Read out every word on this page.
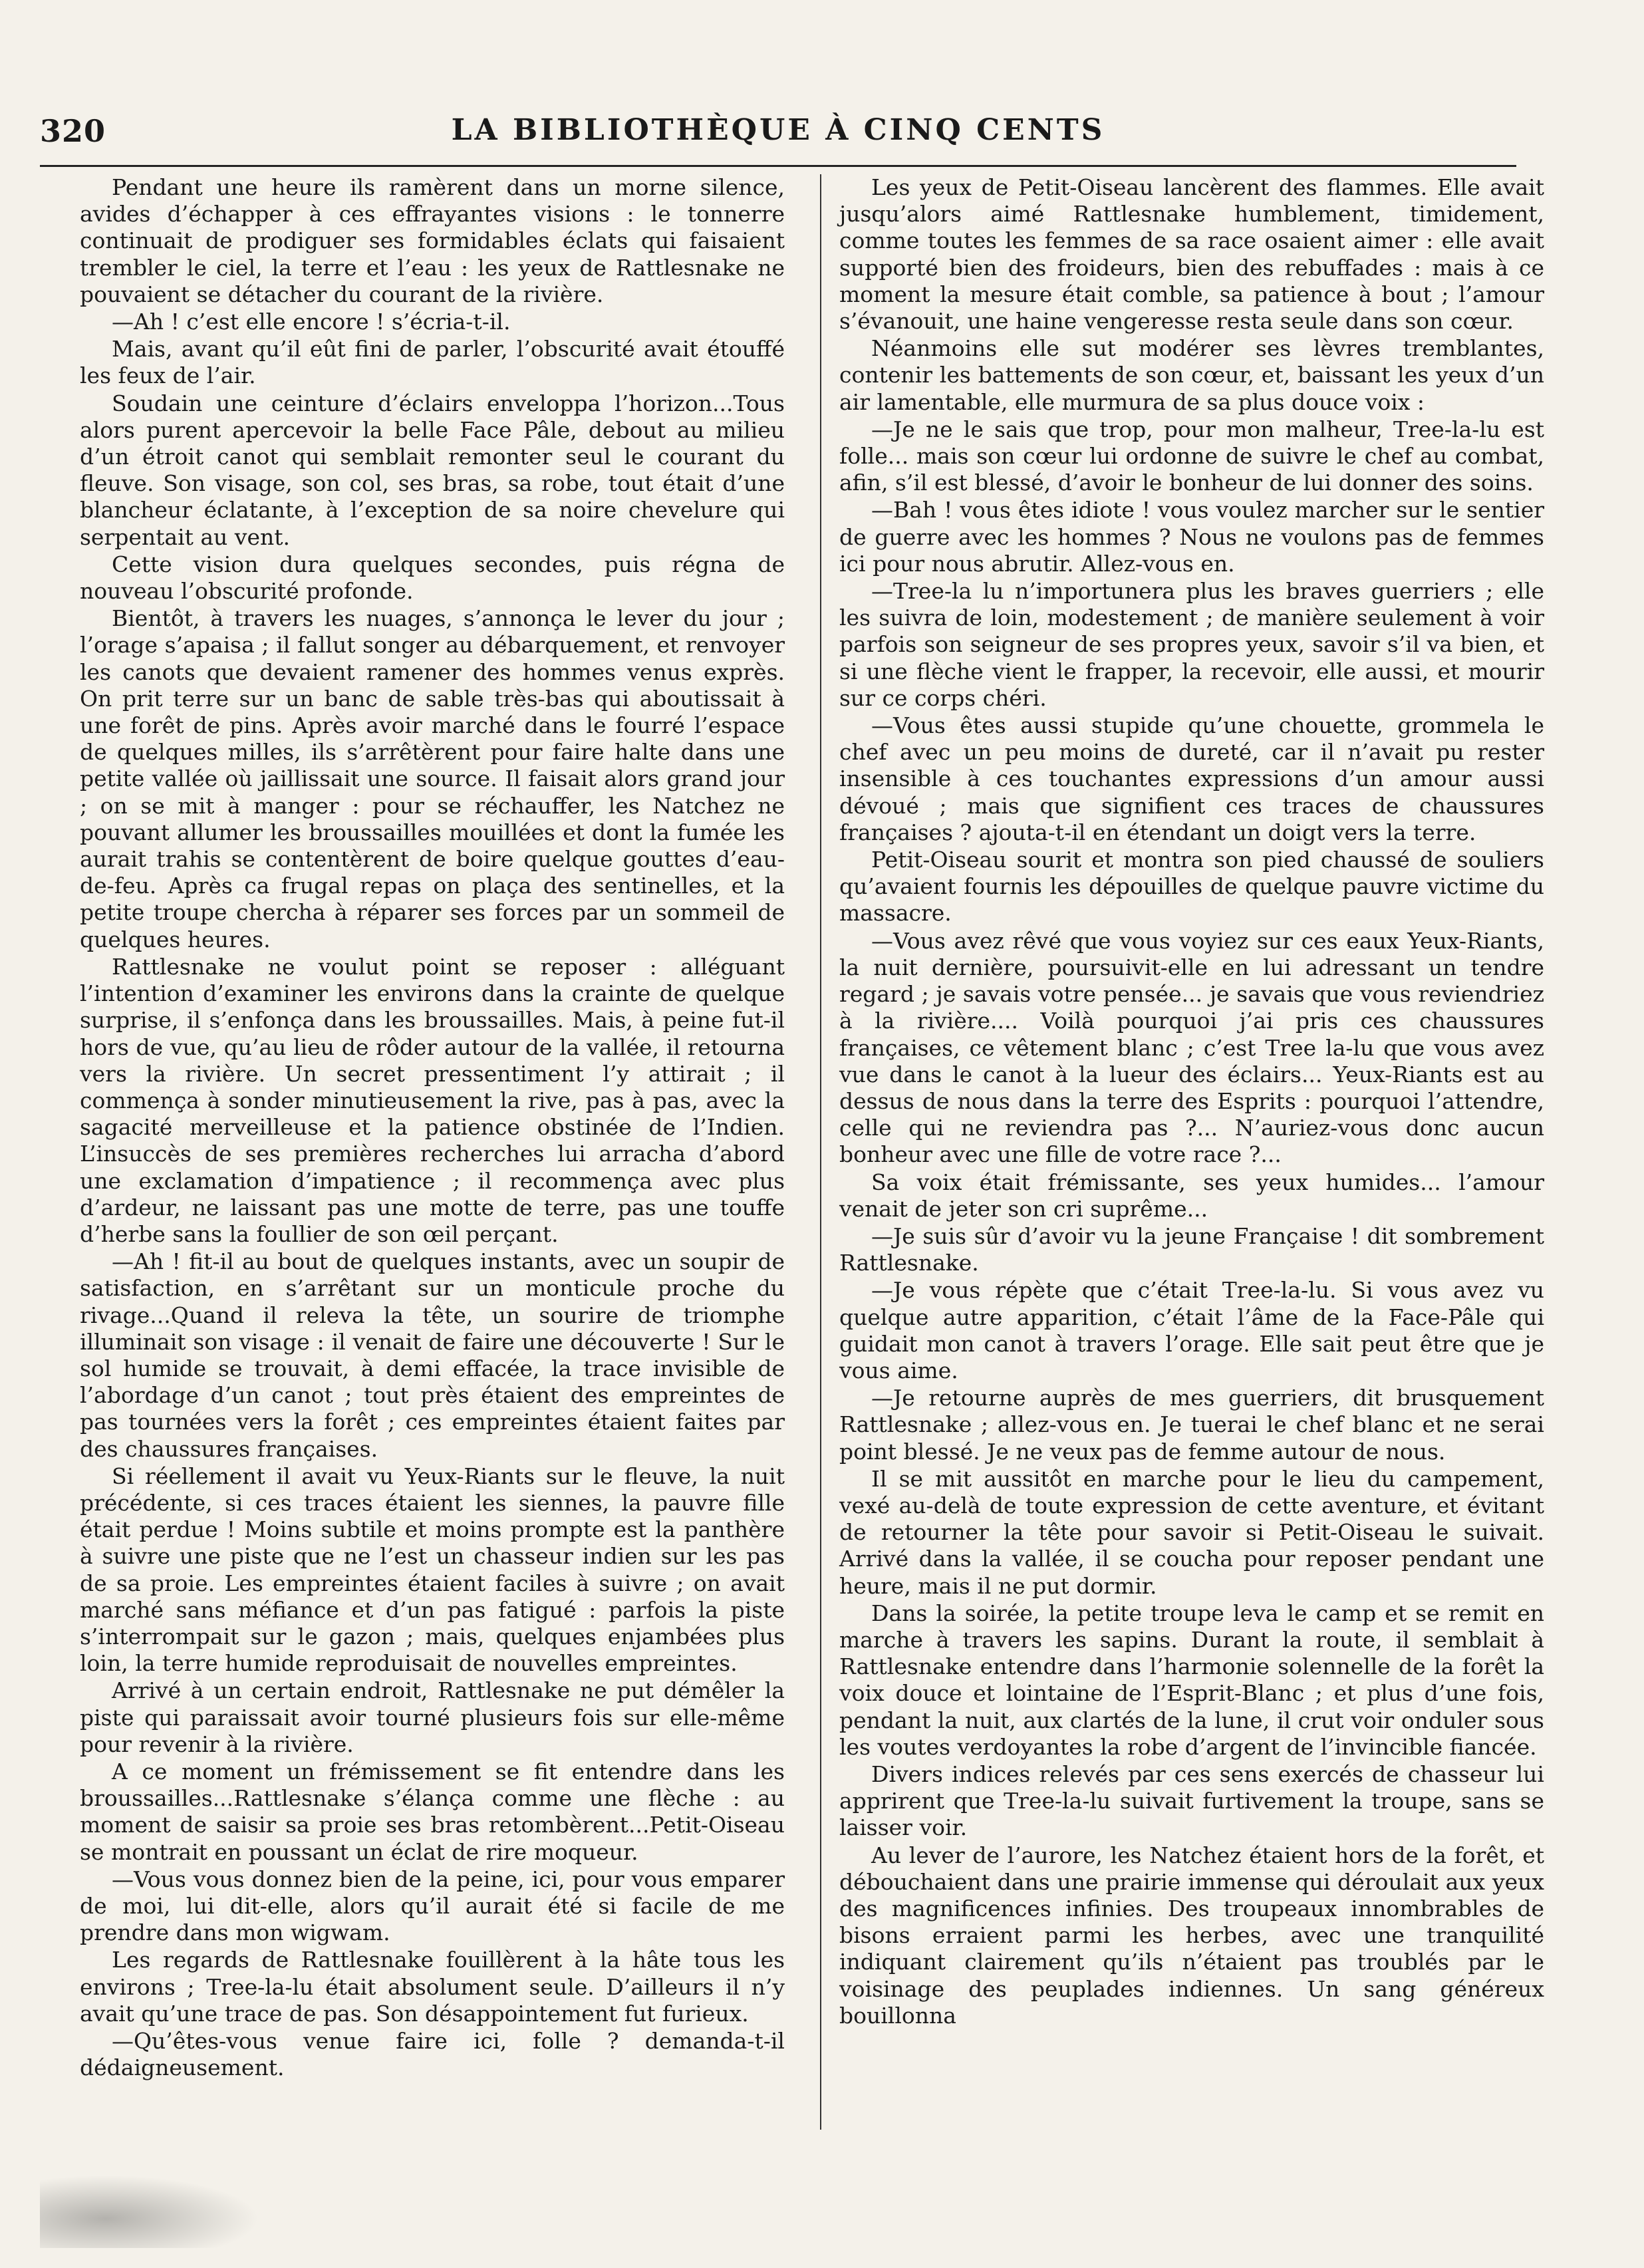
320	LA BIBLIOTHÈQUE À CINQ CENTS

Pendant une heure ils ramèrent dans un morne silence, avides d’échapper à ces effrayantes visions : le tonnerre continuait de prodiguer ses formidables éclats qui faisaient trembler le ciel, la terre et l’eau : les yeux de Rattlesnake ne pouvaient se détacher du courant de la rivière.

—Ah ! c’est elle encore ! s’écria-t-il.

Mais, avant qu’il eût fini de parler, l’obscurité avait étouffé les feux de l’air.

Soudain une ceinture d’éclairs enveloppa l’horizon...Tous alors purent apercevoir la belle Face Pâle, debout au milieu d’un étroit canot qui semblait remonter seul le courant du fleuve. Son visage, son col, ses bras, sa robe, tout était d’une blancheur éclatante, à l’exception de sa noire chevelure qui serpentait au vent.

Cette vision dura quelques secondes, puis régna de nouveau l’obscurité profonde.

Bientôt, à travers les nuages, s’annonça le lever du jour ; l’orage s’apaisa ; il fallut songer au débarquement, et renvoyer les canots que devaient ramener des hommes venus exprès. On prit terre sur un banc de sable très-bas qui aboutissait à une forêt de pins. Après avoir marché dans le fourré l’espace de quelques milles, ils s’arrêtèrent pour faire halte dans une petite vallée où jaillissait une source. Il faisait alors grand jour ; on se mit à manger : pour se réchauffer, les Natchez ne pouvant allumer les broussailles mouillées et dont la fumée les aurait trahis se contentèrent de boire quelque gouttes d’eau-de-feu. Après ca frugal repas on plaça des sentinelles, et la petite troupe chercha à réparer ses forces par un sommeil de quelques heures.

Rattlesnake ne voulut point se reposer : alléguant l’intention d’examiner les environs dans la crainte de quelque surprise, il s’enfonça dans les broussailles. Mais, à peine fut-il hors de vue, qu’au lieu de rôder autour de la vallée, il retourna vers la rivière. Un secret pressentiment l’y attirait ; il commença à sonder minutieusement la rive, pas à pas, avec la sagacité merveilleuse et la patience obstinée de l’Indien. L’insuccès de ses premières recherches lui arracha d’abord une exclamation d’impatience ; il recommença avec plus d’ardeur, ne laissant pas une motte de terre, pas une touffe d’herbe sans la foullier de son œil perçant.

—Ah ! fit-il au bout de quelques instants, avec un soupir de satisfaction, en s’arrêtant sur un monticule proche du rivage...Quand il releva la tête, un sourire de triomphe illuminait son visage : il venait de faire une découverte ! Sur le sol humide se trouvait, à demi effacée, la trace invisible de l’abordage d’un canot ; tout près étaient des empreintes de pas tournées vers la forêt ; ces empreintes étaient faites par des chaussures françaises.

Si réellement il avait vu Yeux-Riants sur le fleuve, la nuit précédente, si ces traces étaient les siennes, la pauvre fille était perdue ! Moins subtile et moins prompte est la panthère à suivre une piste que ne l’est un chasseur indien sur les pas de sa proie. Les empreintes étaient faciles à suivre ; on avait marché sans méfiance et d’un pas fatigué : parfois la piste s’interrompait sur le gazon ; mais, quelques enjambées plus loin, la terre humide reproduisait de nouvelles empreintes.

Arrivé à un certain endroit, Rattlesnake ne put démêler la piste qui paraissait avoir tourné plusieurs fois sur elle-même pour revenir à la rivière.

A ce moment un frémissement se fit entendre dans les broussailles...Rattlesnake s’élança comme une flèche : au moment de saisir sa proie ses bras retombèrent...Petit-Oiseau se montrait en poussant un éclat de rire moqueur.

—Vous vous donnez bien de la peine, ici, pour vous emparer de moi, lui dit-elle, alors qu’il aurait été si facile de me prendre dans mon wigwam.

Les regards de Rattlesnake fouillèrent à la hâte tous les environs ; Tree-la-lu était absolument seule. D’ailleurs il n’y avait qu’une trace de pas. Son désappointement fut furieux.

—Qu’êtes-vous venue faire ici, folle ? demanda-t-il dédaigneusement.

Les yeux de Petit-Oiseau lancèrent des flammes. Elle avait jusqu’alors aimé Rattlesnake humblement, timidement, comme toutes les femmes de sa race osaient aimer : elle avait supporté bien des froideurs, bien des rebuffades : mais à ce moment la mesure était comble, sa patience à bout ; l’amour s’évanouit, une haine vengeresse resta seule dans son cœur.

Néanmoins elle sut modérer ses lèvres tremblantes, contenir les battements de son cœur, et, baissant les yeux d’un air lamentable, elle murmura de sa plus douce voix :

—Je ne le sais que trop, pour mon malheur, Tree-la-lu est folle... mais son cœur lui ordonne de suivre le chef au combat, afin, s’il est blessé, d’avoir le bonheur de lui donner des soins.

—Bah ! vous êtes idiote ! vous voulez marcher sur le sentier de guerre avec les hommes ? Nous ne voulons pas de femmes ici pour nous abrutir. Allez-vous en.

—Tree-la lu n’importunera plus les braves guerriers ; elle les suivra de loin, modestement ; de manière seulement à voir parfois son seigneur de ses propres yeux, savoir s’il va bien, et si une flèche vient le frapper, la recevoir, elle aussi, et mourir sur ce corps chéri.

—Vous êtes aussi stupide qu’une chouette, grommela le chef avec un peu moins de dureté, car il n’avait pu rester insensible à ces touchantes expressions d’un amour aussi dévoué ; mais que signifient ces traces de chaussures françaises ? ajouta-t-il en étendant un doigt vers la terre.

Petit-Oiseau sourit et montra son pied chaussé de souliers qu’avaient fournis les dépouilles de quelque pauvre victime du massacre.

—Vous avez rêvé que vous voyiez sur ces eaux Yeux-Riants, la nuit dernière, poursuivit-elle en lui adressant un tendre regard ; je savais votre pensée... je savais que vous reviendriez à la rivière.... Voilà pourquoi j’ai pris ces chaussures françaises, ce vêtement blanc ; c’est Tree la-lu que vous avez vue dans le canot à la lueur des éclairs... Yeux-Riants est au dessus de nous dans la terre des Esprits : pourquoi l’attendre, celle qui ne reviendra pas ?... N’auriez-vous donc aucun bonheur avec une fille de votre race ?...

Sa voix était frémissante, ses yeux humides... l’amour venait de jeter son cri suprême...

—Je suis sûr d’avoir vu la jeune Française ! dit sombrement Rattlesnake.

—Je vous répète que c’était Tree-la-lu. Si vous avez vu quelque autre apparition, c’était l’âme de la Face-Pâle qui guidait mon canot à travers l’orage. Elle sait peut être que je vous aime.

—Je retourne auprès de mes guerriers, dit brusquement Rattlesnake ; allez-vous en. Je tuerai le chef blanc et ne serai point blessé. Je ne veux pas de femme autour de nous.

Il se mit aussitôt en marche pour le lieu du campement, vexé au-delà de toute expression de cette aventure, et évitant de retourner la tête pour savoir si Petit-Oiseau le suivait. Arrivé dans la vallée, il se coucha pour reposer pendant une heure, mais il ne put dormir.

Dans la soirée, la petite troupe leva le camp et se remit en marche à travers les sapins. Durant la route, il semblait à Rattlesnake entendre dans l’harmonie solennelle de la forêt la voix douce et lointaine de l’Esprit-Blanc ; et plus d’une fois, pendant la nuit, aux clartés de la lune, il crut voir onduler sous les voutes verdoyantes la robe d’argent de l’invincible fiancée.

Divers indices relevés par ces sens exercés de chasseur lui apprirent que Tree-la-lu suivait furtivement la troupe, sans se laisser voir.

Au lever de l’aurore, les Natchez étaient hors de la forêt, et débouchaient dans une prairie immense qui déroulait aux yeux des magnificences infinies. Des troupeaux innombrables de bisons erraient parmi les herbes, avec une tranquilité indiquant clairement qu’ils n’étaient pas troublés par le voisinage des peuplades indiennes. Un sang généreux bouillonna
